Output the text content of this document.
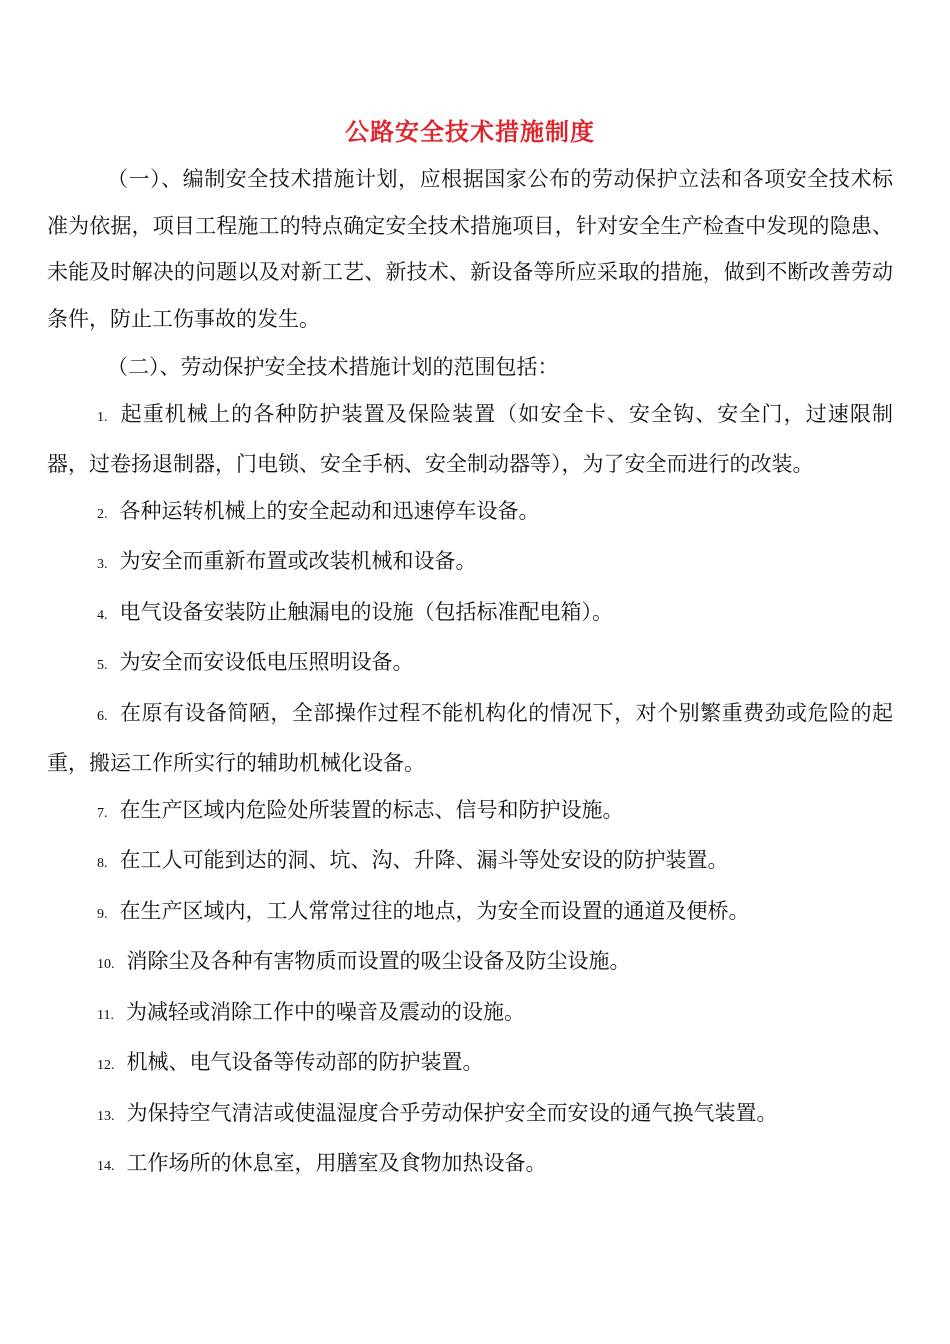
公路安全技术措施制度

（一）、编制安全技术措施计划，应根据国家公布的劳动保护立法和各项安全技术标准为依据，项目工程施工的特点确定安全技术措施项目，针对安全生产检查中发现的隐患、未能及时解决的问题以及对新工艺、新技术、新设备等所应采取的措施，做到不断改善劳动条件，防止工伤事故的发生。

（二）、劳动保护安全技术措施计划的范围包括：

1. 起重机械上的各种防护装置及保险装置（如安全卡、安全钩、安全门，过速限制器，过卷扬退制器，门电锁、安全手柄、安全制动器等），为了安全而进行的改装。

2. 各种运转机械上的安全起动和迅速停车设备。

3. 为安全而重新布置或改装机械和设备。

4. 电气设备安装防止触漏电的设施（包括标准配电箱）。

5. 为安全而安设低电压照明设备。

6. 在原有设备简陋，全部操作过程不能机构化的情况下，对个别繁重费劲或危险的起重，搬运工作所实行的辅助机械化设备。

7. 在生产区域内危险处所装置的标志、信号和防护设施。

8. 在工人可能到达的洞、坑、沟、升降、漏斗等处安设的防护装置。

9. 在生产区域内，工人常常过往的地点，为安全而设置的通道及便桥。

10. 消除尘及各种有害物质而设置的吸尘设备及防尘设施。

11. 为减轻或消除工作中的噪音及震动的设施。

12. 机械、电气设备等传动部的防护装置。

13. 为保持空气清洁或使温湿度合乎劳动保护安全而安设的通气换气装置。

14. 工作场所的休息室，用膳室及食物加热设备。
